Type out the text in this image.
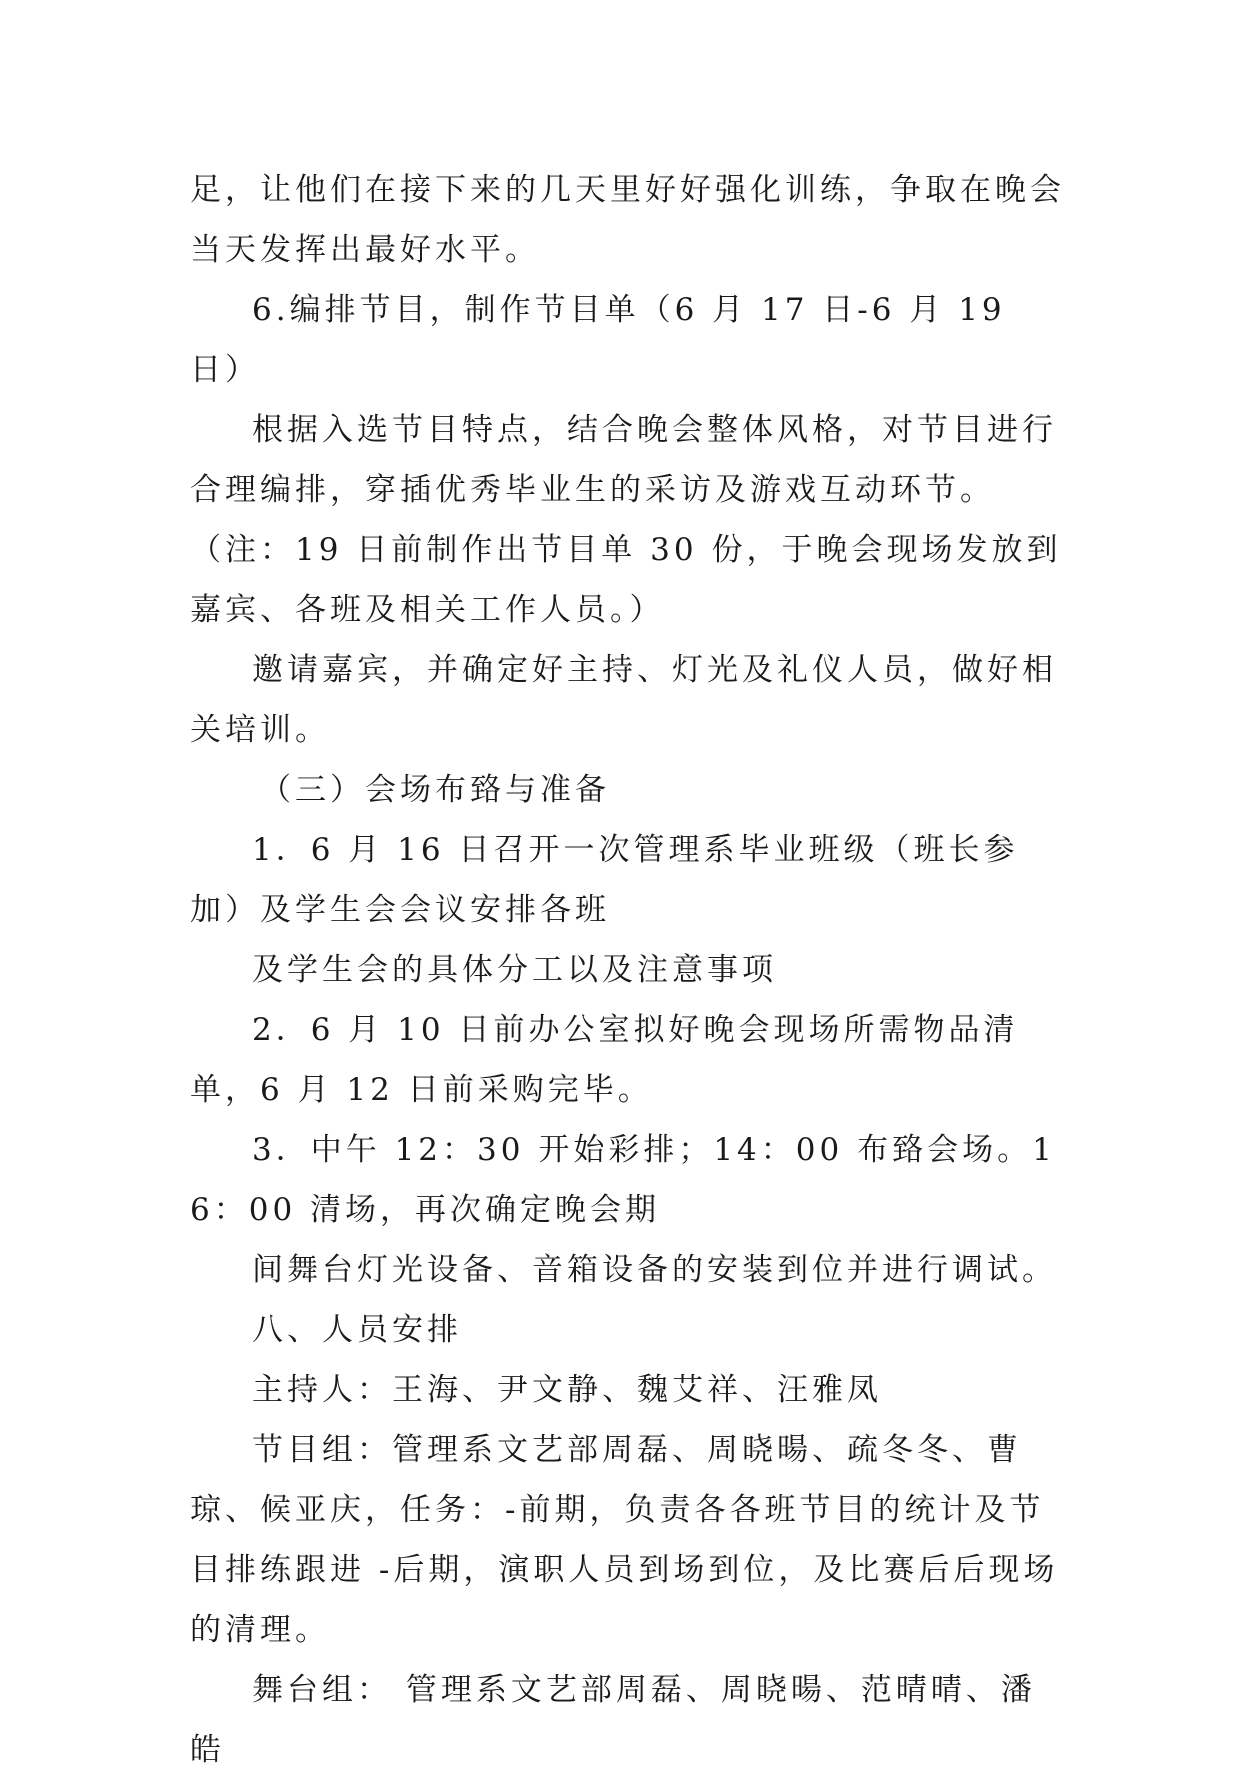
足，让他们在接下来的几天里好好强化训练，争取在晚会当天发挥出最好水平。

6.编排节目，制作节目单（6 月 17 日-6 月 19 日）

根据入选节目特点，结合晚会整体风格，对节目进行合理编排，穿插优秀毕业生的采访及游戏互动环节。（注：19 日前制作出节目单 30 份，于晚会现场发放到嘉宾、各班及相关工作人员。）

邀请嘉宾，并确定好主持、灯光及礼仪人员，做好相关培训。

（三）会场布臵与准备

1．6 月 16 日召开一次管理系毕业班级（班长参加）及学生会会议安排各班

及学生会的具体分工以及注意事项

2．6 月 10 日前办公室拟好晚会现场所需物品清单，6 月 12 日前采购完毕。

3．中午 12：30 开始彩排；14：00 布臵会场。16：00 清场，再次确定晚会期

间舞台灯光设备、音箱设备的安装到位并进行调试。

八、人员安排

主持人：王海、尹文静、魏艾祥、汪雅凤

节目组：管理系文艺部周磊、周晓暘、疏冬冬、曹琼、候亚庆，任务：-前期，负责各各班节目的统计及节目排练跟进 -后期，演职人员到场到位，及比赛后后现场的清理。

舞台组： 管理系文艺部周磊、周晓暘、范晴晴、潘皓
